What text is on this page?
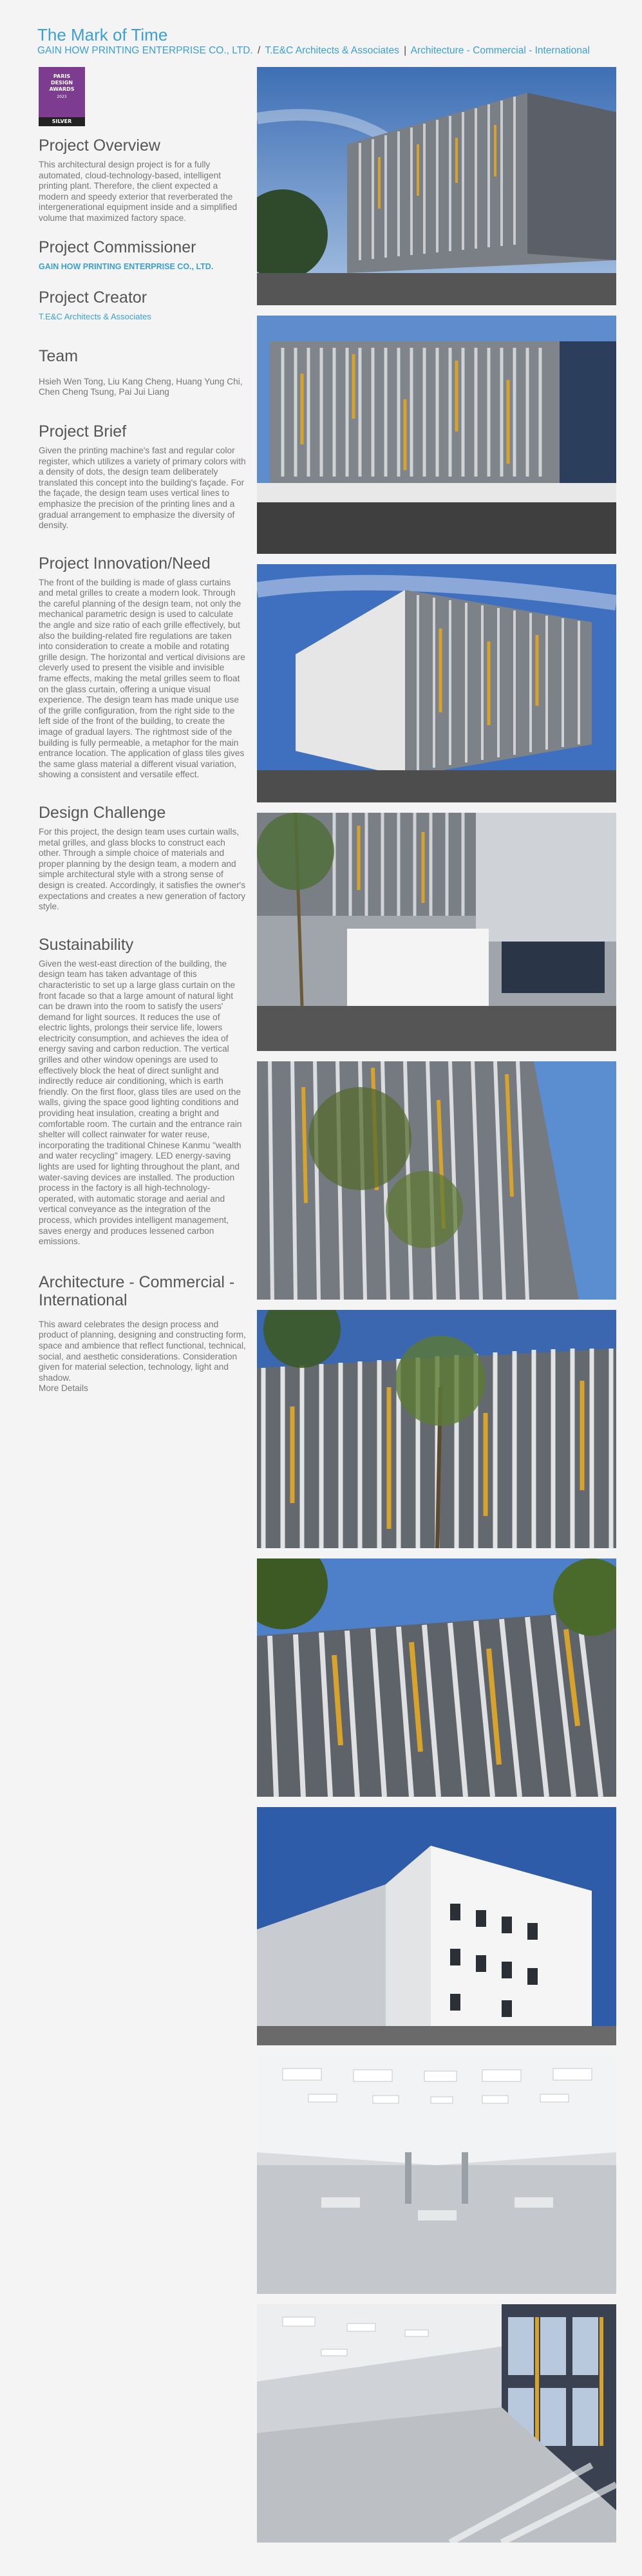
The Mark of Time
GAIN HOW PRINTING ENTERPRISE CO., LTD. / T.E&C Architects & Associates | Architecture - Commercial - International
PARIS
DESIGN
AWARDS
2023
SILVER
Project Overview

This architectural design project is for a fully automated, cloud-technology-based, intelligent printing plant. Therefore, the client expected a modern and speedy exterior that reverberated the intergenerational equipment inside and a simplified volume that maximized factory space.

Project Commissioner

GAIN HOW PRINTING ENTERPRISE CO., LTD.

Project Creator

T.E&C Architects & Associates

Team

Hsieh Wen Tong, Liu Kang Cheng, Huang Yung Chi, Chen Cheng Tsung, Pai Jui Liang

Project Brief

Given the printing machine's fast and regular color register, which utilizes a variety of primary colors with a density of dots, the design team deliberately translated this concept into the building's façade. For the façade, the design team uses vertical lines to emphasize the precision of the printing lines and a gradual arrangement to emphasize the diversity of density.

Project Innovation/Need

The front of the building is made of glass curtains and metal grilles to create a modern look. Through the careful planning of the design team, not only the mechanical parametric design is used to calculate the angle and size ratio of each grille effectively, but also the building-related fire regulations are taken into consideration to create a mobile and rotating grille design. The horizontal and vertical divisions are cleverly used to present the visible and invisible frame effects, making the metal grilles seem to float on the glass curtain, offering a unique visual experience. The design team has made unique use of the grille configuration, from the right side to the left side of the front of the building, to create the image of gradual layers. The rightmost side of the building is fully permeable, a metaphor for the main entrance location. The application of glass tiles gives the same glass material a different visual variation, showing a consistent and versatile effect.

Design Challenge

For this project, the design team uses curtain walls, metal grilles, and glass blocks to construct each other. Through a simple choice of materials and proper planning by the design team, a modern and simple architectural style with a strong sense of design is created. Accordingly, it satisfies the owner's expectations and creates a new generation of factory style.

Sustainability

Given the west-east direction of the building, the design team has taken advantage of this characteristic to set up a large glass curtain on the front facade so that a large amount of natural light can be drawn into the room to satisfy the users' demand for light sources. It reduces the use of electric lights, prolongs their service life, lowers electricity consumption, and achieves the idea of energy saving and carbon reduction. The vertical grilles and other window openings are used to effectively block the heat of direct sunlight and indirectly reduce air conditioning, which is earth friendly. On the first floor, glass tiles are used on the walls, giving the space good lighting conditions and providing heat insulation, creating a bright and comfortable room. The curtain and the entrance rain shelter will collect rainwater for water reuse, incorporating the traditional Chinese Kanmu "wealth and water recycling" imagery. LED energy-saving lights are used for lighting throughout the plant, and water-saving devices are installed. The production process in the factory is all high-technology-operated, with automatic storage and aerial and vertical conveyance as the integration of the process, which provides intelligent management, saves energy and produces lessened carbon emissions.

Architecture - Commercial - International

This award celebrates the design process and product of planning, designing and constructing form, space and ambience that reflect functional, technical, social, and aesthetic considerations. Consideration given for material selection, technology, light and shadow.

More Details
